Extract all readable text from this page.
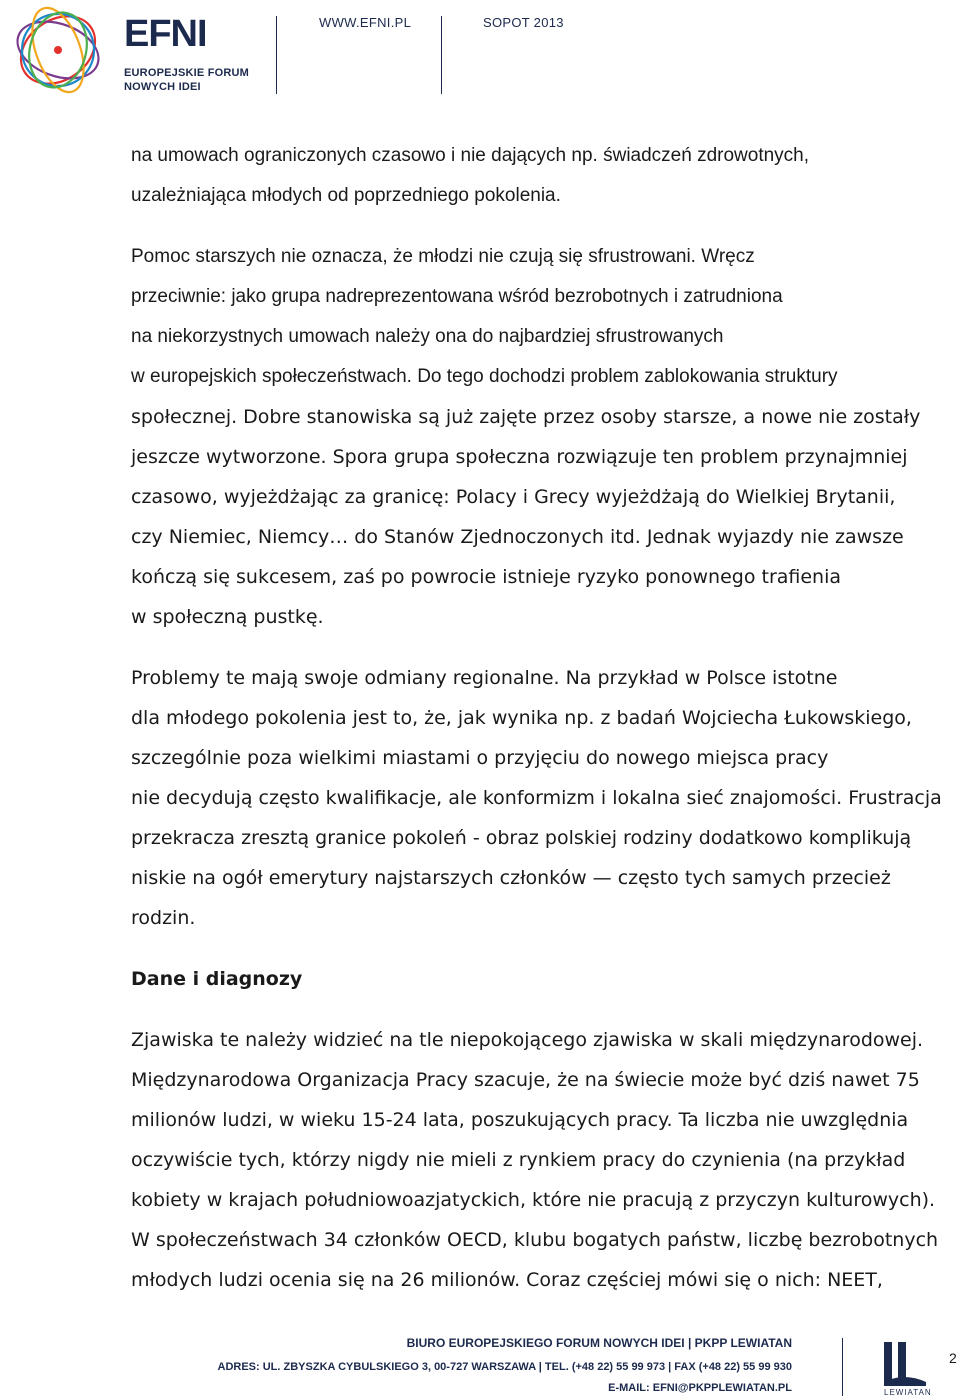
EFNI
EUROPEJSKIE FORUM
NOWYCH IDEI
WWW.EFNI.PL	SOPOT 2013

na umowach ograniczonych czasowo i nie dających np. świadczeń zdrowotnych,

uzależniająca młodych od poprzedniego pokolenia.

Pomoc starszych nie oznacza, że młodzi nie czują się sfrustrowani. Wręcz

przeciwnie: jako grupa nadreprezentowana wśród bezrobotnych i zatrudniona

na niekorzystnych umowach należy ona do najbardziej sfrustrowanych

w europejskich społeczeństwach. Do tego dochodzi problem zablokowania struktury

społecznej. Dobre stanowiska są już zajęte przez osoby starsze, a nowe nie zostały

jeszcze wytworzone. Spora grupa społeczna rozwiązuje ten problem przynajmniej

czasowo, wyjeżdżając za granicę: Polacy i Grecy wyjeżdżają do Wielkiej Brytanii,

czy Niemiec, Niemcy… do Stanów Zjednoczonych itd. Jednak wyjazdy nie zawsze

kończą się sukcesem, zaś po powrocie istnieje ryzyko ponownego trafienia

w społeczną pustkę.

Problemy te mają swoje odmiany regionalne. Na przykład w Polsce istotne

dla młodego pokolenia jest to, że, jak wynika np. z badań Wojciecha Łukowskiego,

szczególnie poza wielkimi miastami o przyjęciu do nowego miejsca pracy

nie decydują często kwalifikacje, ale konformizm i lokalna sieć znajomości. Frustracja

przekracza zresztą granice pokoleń - obraz polskiej rodziny dodatkowo komplikują

niskie na ogół emerytury najstarszych członków — często tych samych przecież

rodzin.

Dane i diagnozy

Zjawiska te należy widzieć na tle niepokojącego zjawiska w skali międzynarodowej.

Międzynarodowa Organizacja Pracy szacuje, że na świecie może być dziś nawet 75

milionów ludzi, w wieku 15-24 lata, poszukujących pracy. Ta liczba nie uwzględnia

oczywiście tych, którzy nigdy nie mieli z rynkiem pracy do czynienia (na przykład

kobiety w krajach południowoazjatyckich, które nie pracują z przyczyn kulturowych).

W społeczeństwach 34 członków OECD, klubu bogatych państw, liczbę bezrobotnych

młodych ludzi ocenia się na 26 milionów. Coraz częściej mówi się o nich: NEET,

BIURO EUROPEJSKIEGO FORUM NOWYCH IDEI | PKPP LEWIATAN
ADRES: UL. ZBYSZKA CYBULSKIEGO 3, 00-727 WARSZAWA | TEL. (+48 22) 55 99 973 | FAX (+48 22) 55 99 930
E-MAIL: EFNI@PKPPLEWIATAN.PL	LEWIATAN
2
